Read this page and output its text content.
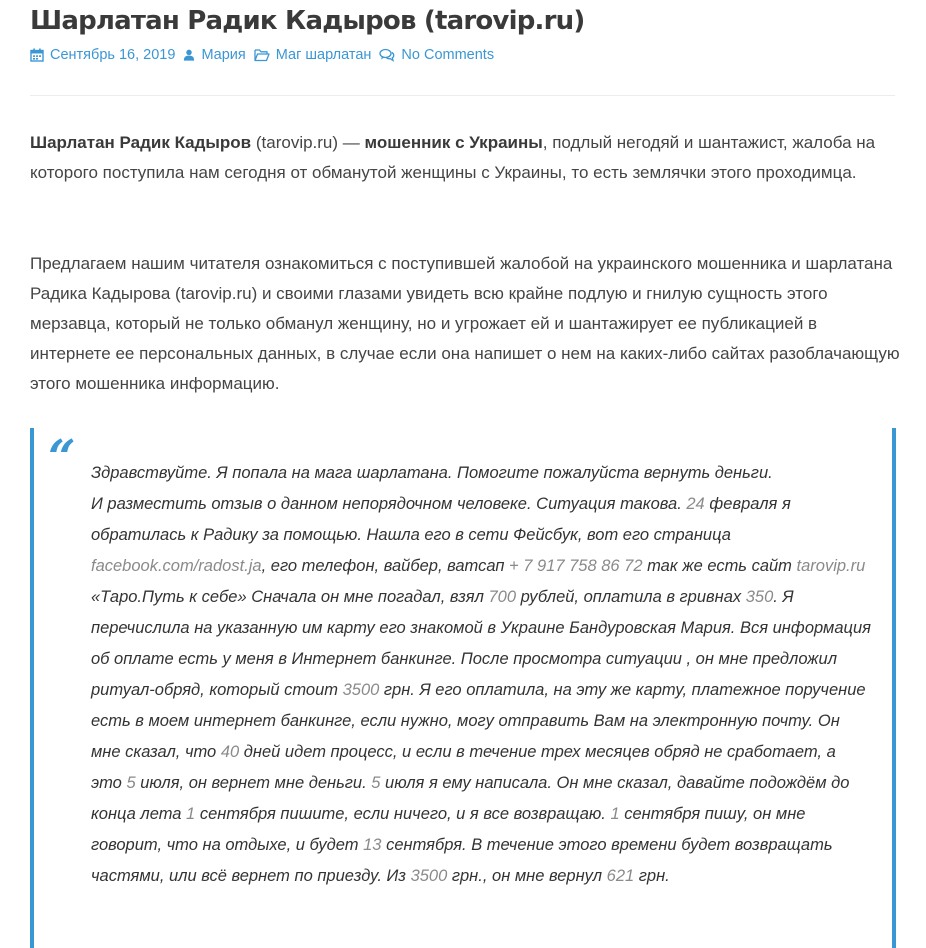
Шарлатан Радик Кадыров (tarovip.ru)
Сентябрь 16, 2019 Мария Маг шарлатан No Comments

Шарлатан Радик Кадыров (tarovip.ru) — мошенник с Украины, подлый негодяй и шантажист, жалоба на которого поступила нам сегодня от обманутой женщины с Украины, то есть землячки этого проходимца.

Предлагаем нашим читателя ознакомиться с поступившей жалобой на украинского мошенника и шарлатана Радика Кадырова (tarovip.ru) и своими глазами увидеть всю крайне подлую и гнилую сущность этого мерзавца, который не только обманул женщину, но и угрожает ей и шантажирует ее публикацией в интернете ее персональных данных, в случае если она напишет о нем на каких-либо сайтах разоблачающую этого мошенника информацию.

“ Здравствуйте. Я попала на мага шарлатана. Помогите пожалуйста вернуть деньги.
И разместить отзыв о данном непорядочном человеке. Ситуация такова. 24 февраля я обратилась к Радику за помощью. Нашла его в сети Фейсбук, вот его страница facebook.com/radost.ja, его телефон, вайбер, ватсап + 7 917 758 86 72 так же есть сайт tarovip.ru «Таро.Путь к себе» Сначала он мне погадал, взял 700 рублей, оплатила в гривнах 350. Я перечислила на указанную им карту его знакомой в Украине Бандуровская Мария. Вся информация об оплате есть у меня в Интернет банкинге. После просмотра ситуации , он мне предложил ритуал-обряд, который стоит 3500 грн. Я его оплатила, на эту же карту, платежное поручение есть в моем интернет банкинге, если нужно, могу отправить Вам на электронную почту. Он мне сказал, что 40 дней идет процесс, и если в течение трех месяцев обряд не сработает, а это 5 июля, он вернет мне деньги. 5 июля я ему написала. Он мне сказал, давайте подождём до конца лета 1 сентября пишите, если ничего, и я все возвращаю. 1 сентября пишу, он мне говорит, что на отдыхе, и будет 13 сентября. В течение этого времени будет возвращать частями, или всё вернет по приезду. Из 3500 грн., он мне вернул 621 грн.
